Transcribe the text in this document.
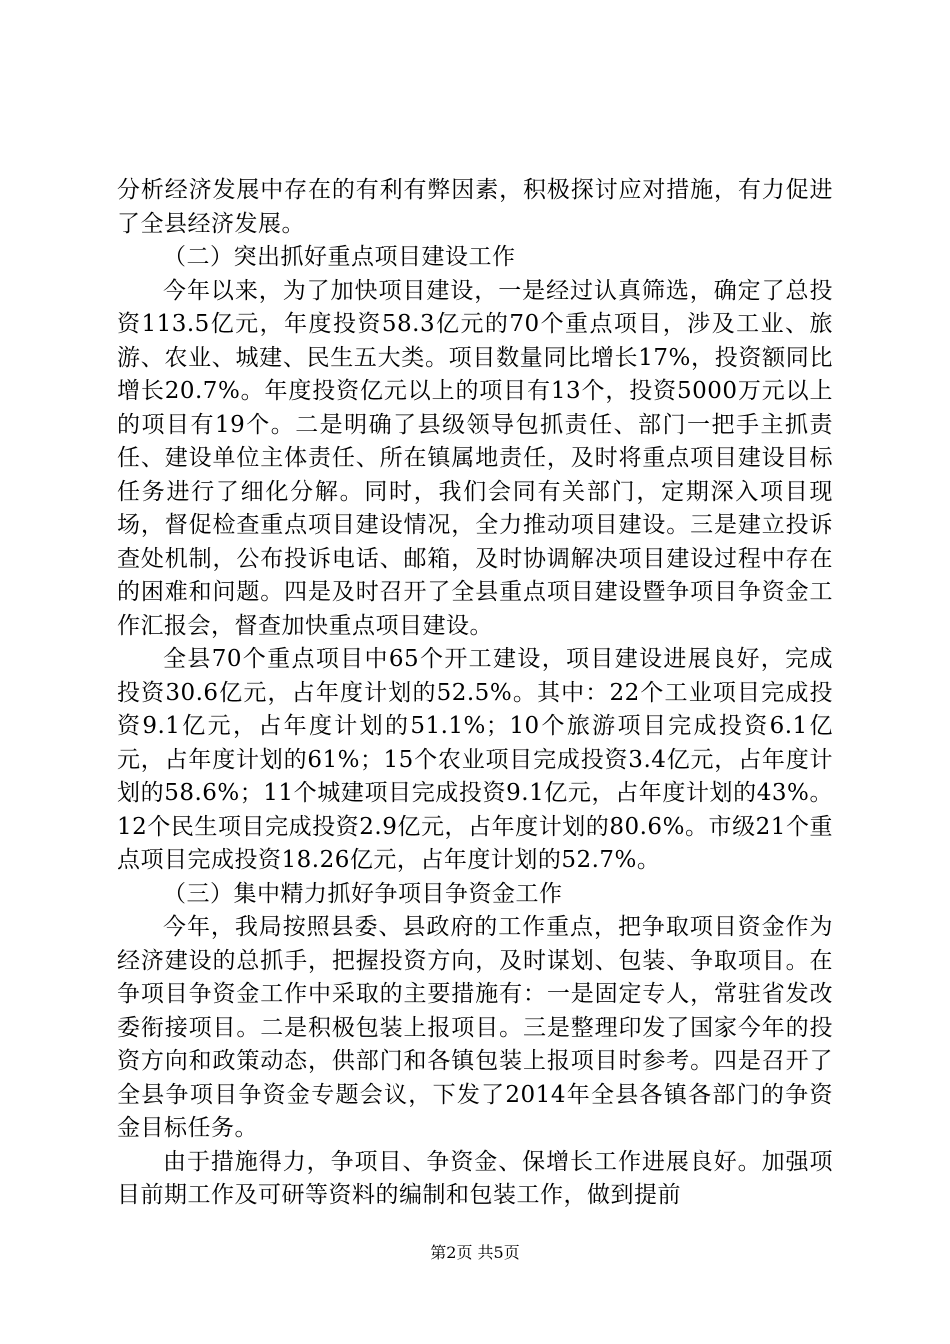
分析经济发展中存在的有利有弊因素，积极探讨应对措施，有力促进了全县经济发展。

（二）突出抓好重点项目建设工作

今年以来，为了加快项目建设，一是经过认真筛选，确定了总投资113.5亿元，年度投资58.3亿元的70个重点项目，涉及工业、旅游、农业、城建、民生五大类。项目数量同比增长17%，投资额同比增长20.7%。年度投资亿元以上的项目有13个，投资5000万元以上的项目有19个。二是明确了县级领导包抓责任、部门一把手主抓责任、建设单位主体责任、所在镇属地责任，及时将重点项目建设目标任务进行了细化分解。同时，我们会同有关部门，定期深入项目现场，督促检查重点项目建设情况，全力推动项目建设。三是建立投诉查处机制，公布投诉电话、邮箱，及时协调解决项目建设过程中存在的困难和问题。四是及时召开了全县重点项目建设暨争项目争资金工作汇报会，督查加快重点项目建设。

全县70个重点项目中65个开工建设，项目建设进展良好，完成投资30.6亿元，占年度计划的52.5%。其中：22个工业项目完成投资9.1亿元，占年度计划的51.1%；10个旅游项目完成投资6.1亿元，占年度计划的61%；15个农业项目完成投资3.4亿元，占年度计划的58.6%；11个城建项目完成投资9.1亿元，占年度计划的43%。12个民生项目完成投资2.9亿元，占年度计划的80.6%。市级21个重点项目完成投资18.26亿元，占年度计划的52.7%。

（三）集中精力抓好争项目争资金工作

今年，我局按照县委、县政府的工作重点，把争取项目资金作为经济建设的总抓手，把握投资方向，及时谋划、包装、争取项目。在争项目争资金工作中采取的主要措施有：一是固定专人，常驻省发改委衔接项目。二是积极包装上报项目。三是整理印发了国家今年的投资方向和政策动态，供部门和各镇包装上报项目时参考。四是召开了全县争项目争资金专题会议，下发了2014年全县各镇各部门的争资金目标任务。

由于措施得力，争项目、争资金、保增长工作进展良好。加强项目前期工作及可研等资料的编制和包装工作，做到提前

第2页 共5页
